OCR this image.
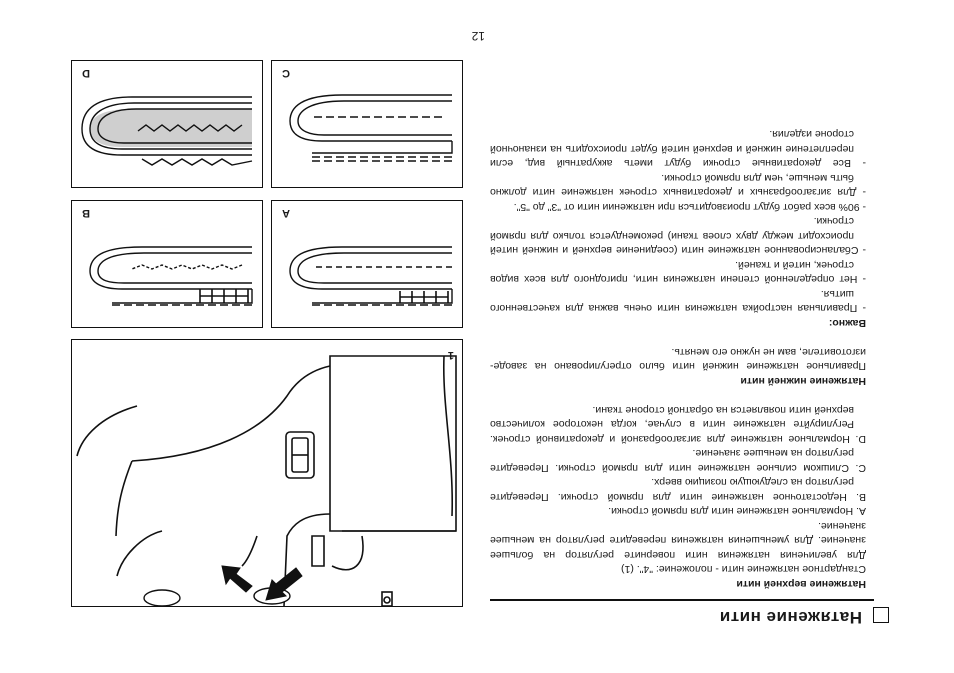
12
Натяжение нити

Натяжение верхней нити

Стандартное натяжение нити - положение: "4". (1)

Для увеличения натяжения нити поверните регулятор на большее значение. Для уменьшения натяжения переведите регулятор на меньшее значение.

А. Нормальное натяжение нити для прямой строчки.

В. Недостаточное натяжение нити для прямой строчки. Переведите регулятор на следующую позицию вверх.

С. Слишком сильное натяжение нити для прямой строчки. Переведите регулятор на меньшее значение.

D. Нормальное натяжение для зигзагообразной и декоративной строчек. Регулируйте натяжение нити в случае, когда некоторое количество верхней нити появляется на обратной стороне ткани.

Натяжение нижней нити

Правильное натяжение нижней нити было отрегулировано на заводе-изготовителе, вам не нужно его менять.

Важно:

- Правильная настройка натяжения нити очень важна для качественного шитья.

- Нет определенной степени натяжения нити, пригодного для всех видов строчек, нитей и тканей.

- Сбалансированное натяжение нити (соединение верхней и нижней нитей происходит между двух слоев ткани) рекомендуется только для прямой строчки.

- 90% всех работ будут производиться при натяжении нити от "3" до "5".

- Для зигзагообразных и декоративных строчек натяжение нити должно быть меньше, чем для прямой строчки.

- Все декоративные строчки будут иметь аккуратный вид, если переплетение нижней и верхней нитей будет происходить на изнаночной стороне изделия.

1
A
B
C
D
